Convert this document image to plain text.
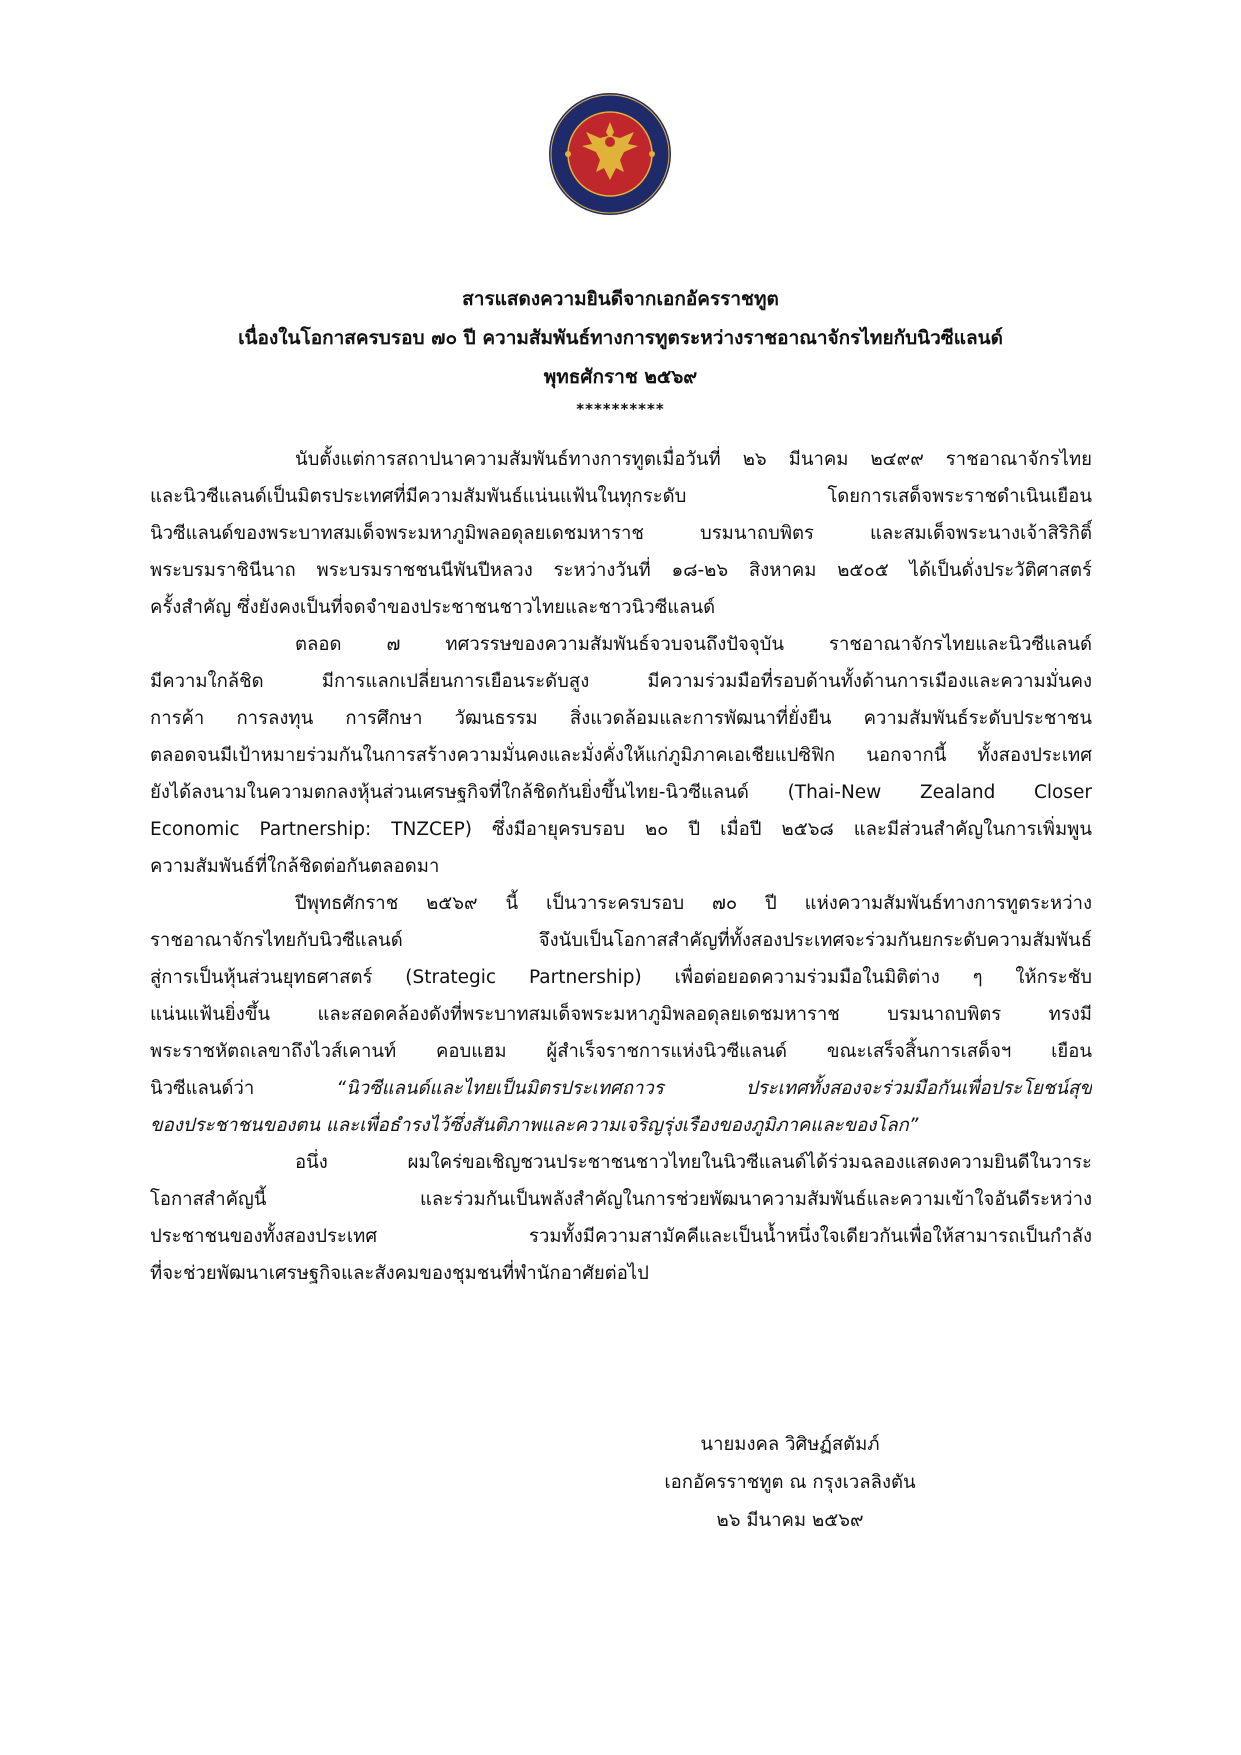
สารแสดงความยินดีจากเอกอัครราชทูต
เนื่องในโอกาสครบรอบ ๗๐ ปี ความสัมพันธ์ทางการทูตระหว่างราชอาณาจักรไทยกับนิวซีแลนด์
พุทธศักราช ๒๕๖๙
**********
นับตั้งแต่การสถาปนาความสัมพันธ์ทางการทูตเมื่อวันที่ ๒๖ มีนาคม ๒๔๙๙ ราชอาณาจักรไทย
และนิวซีแลนด์เป็นมิตรประเทศที่มีความสัมพันธ์แน่นแฟ้นในทุกระดับ โดยการเสด็จพระราชดำเนินเยือน
นิวซีแลนด์ของพระบาทสมเด็จพระมหาภูมิพลอดุลยเดชมหาราช บรมนาถบพิตร และสมเด็จพระนางเจ้าสิริกิติ์
พระบรมราชินีนาถ พระบรมราชชนนีพันปีหลวง ระหว่างวันที่ ๑๘-๒๖ สิงหาคม ๒๕๐๕ ได้เป็นดั่งประวัติศาสตร์
ครั้งสำคัญ ซึ่งยังคงเป็นที่จดจำของประชาชนชาวไทยและชาวนิวซีแลนด์
ตลอด ๗ ทศวรรษของความสัมพันธ์จวบจนถึงปัจจุบัน ราชอาณาจักรไทยและนิวซีแลนด์
มีความใกล้ชิด มีการแลกเปลี่ยนการเยือนระดับสูง มีความร่วมมือที่รอบด้านทั้งด้านการเมืองและความมั่นคง
การค้า การลงทุน การศึกษา วัฒนธรรม สิ่งแวดล้อมและการพัฒนาที่ยั่งยืน ความสัมพันธ์ระดับประชาชน
ตลอดจนมีเป้าหมายร่วมกันในการสร้างความมั่นคงและมั่งคั่งให้แก่ภูมิภาคเอเชียแปซิฟิก นอกจากนี้ ทั้งสองประเทศ
ยังได้ลงนามในความตกลงหุ้นส่วนเศรษฐกิจที่ใกล้ชิดกันยิ่งขึ้นไทย-นิวซีแลนด์ (Thai-New Zealand Closer
Economic Partnership: TNZCEP) ซึ่งมีอายุครบรอบ ๒๐ ปี เมื่อปี ๒๕๖๘ และมีส่วนสำคัญในการเพิ่มพูน
ความสัมพันธ์ที่ใกล้ชิดต่อกันตลอดมา
ปีพุทธศักราช ๒๕๖๙ นี้ เป็นวาระครบรอบ ๗๐ ปี แห่งความสัมพันธ์ทางการทูตระหว่าง
ราชอาณาจักรไทยกับนิวซีแลนด์ จึงนับเป็นโอกาสสำคัญที่ทั้งสองประเทศจะร่วมกันยกระดับความสัมพันธ์
สู่การเป็นหุ้นส่วนยุทธศาสตร์ (Strategic Partnership) เพื่อต่อยอดความร่วมมือในมิติต่าง ๆ ให้กระชับ
แน่นแฟ้นยิ่งขึ้น และสอดคล้องดังที่พระบาทสมเด็จพระมหาภูมิพลอดุลยเดชมหาราช บรมนาถบพิตร ทรงมี
พระราชหัตถเลขาถึงไวส์เคานท์ คอบแฮม ผู้สำเร็จราชการแห่งนิวซีแลนด์ ขณะเสร็จสิ้นการเสด็จฯ เยือน
นิวซีแลนด์ว่า “นิวซีแลนด์และไทยเป็นมิตรประเทศถาวร ประเทศทั้งสองจะร่วมมือกันเพื่อประโยชน์สุข
ของประชาชนของตน และเพื่อธำรงไว้ซึ่งสันติภาพและความเจริญรุ่งเรืองของภูมิภาคและของโลก”
อนึ่ง ผมใคร่ขอเชิญชวนประชาชนชาวไทยในนิวซีแลนด์ได้ร่วมฉลองแสดงความยินดีในวาระ
โอกาสสำคัญนี้ และร่วมกันเป็นพลังสำคัญในการช่วยพัฒนาความสัมพันธ์และความเข้าใจอันดีระหว่าง
ประชาชนของทั้งสองประเทศ รวมทั้งมีความสามัคคีและเป็นน้ำหนึ่งใจเดียวกันเพื่อให้สามารถเป็นกำลัง
ที่จะช่วยพัฒนาเศรษฐกิจและสังคมของชุมชนที่พำนักอาศัยต่อไป
นายมงคล วิศิษฏ์สตัมภ์
เอกอัครราชทูต ณ กรุงเวลลิงตัน
๒๖ มีนาคม ๒๕๖๙
